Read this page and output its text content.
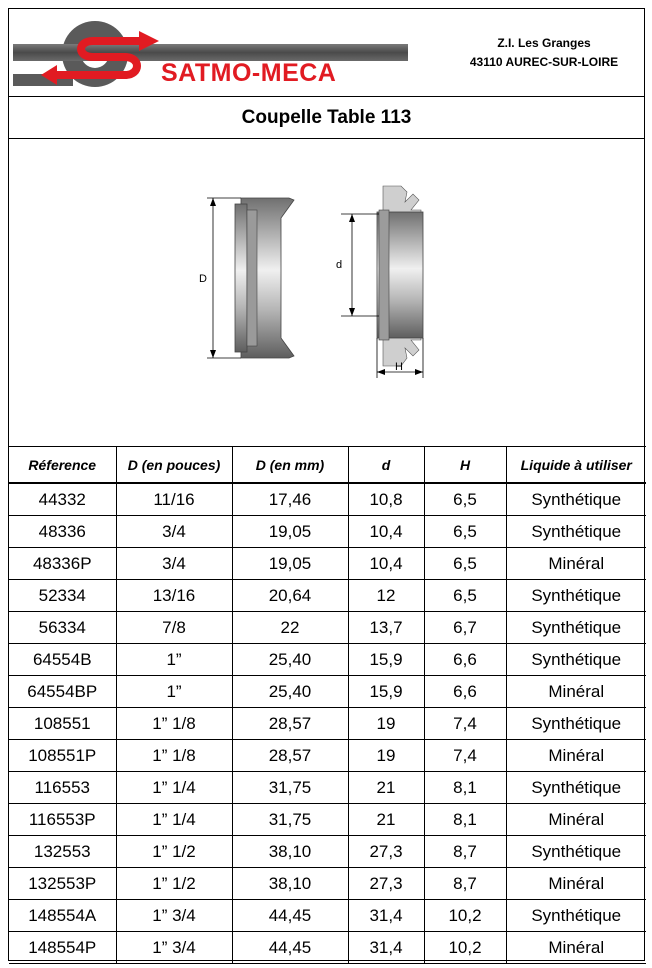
SATMO-MECA
Z.I. Les Granges
43110 AUREC-SUR-LOIRE
Coupelle Table 113
D
d
H
Réference	D (en pouces)	D (en mm)	d	H	Liquide à utiliser
44332	11/16	17,46	10,8	6,5	Synthétique
48336	3/4	19,05	10,4	6,5	Synthétique
48336P	3/4	19,05	10,4	6,5	Minéral
52334	13/16	20,64	12	6,5	Synthétique
56334	7/8	22	13,7	6,7	Synthétique
64554B	1”	25,40	15,9	6,6	Synthétique
64554BP	1”	25,40	15,9	6,6	Minéral
108551	1” 1/8	28,57	19	7,4	Synthétique
108551P	1” 1/8	28,57	19	7,4	Minéral
116553	1” 1/4	31,75	21	8,1	Synthétique
116553P	1” 1/4	31,75	21	8,1	Minéral
132553	1” 1/2	38,10	27,3	8,7	Synthétique
132553P	1” 1/2	38,10	27,3	8,7	Minéral
148554A	1” 3/4	44,45	31,4	10,2	Synthétique
148554P	1” 3/4	44,45	31,4	10,2	Minéral
